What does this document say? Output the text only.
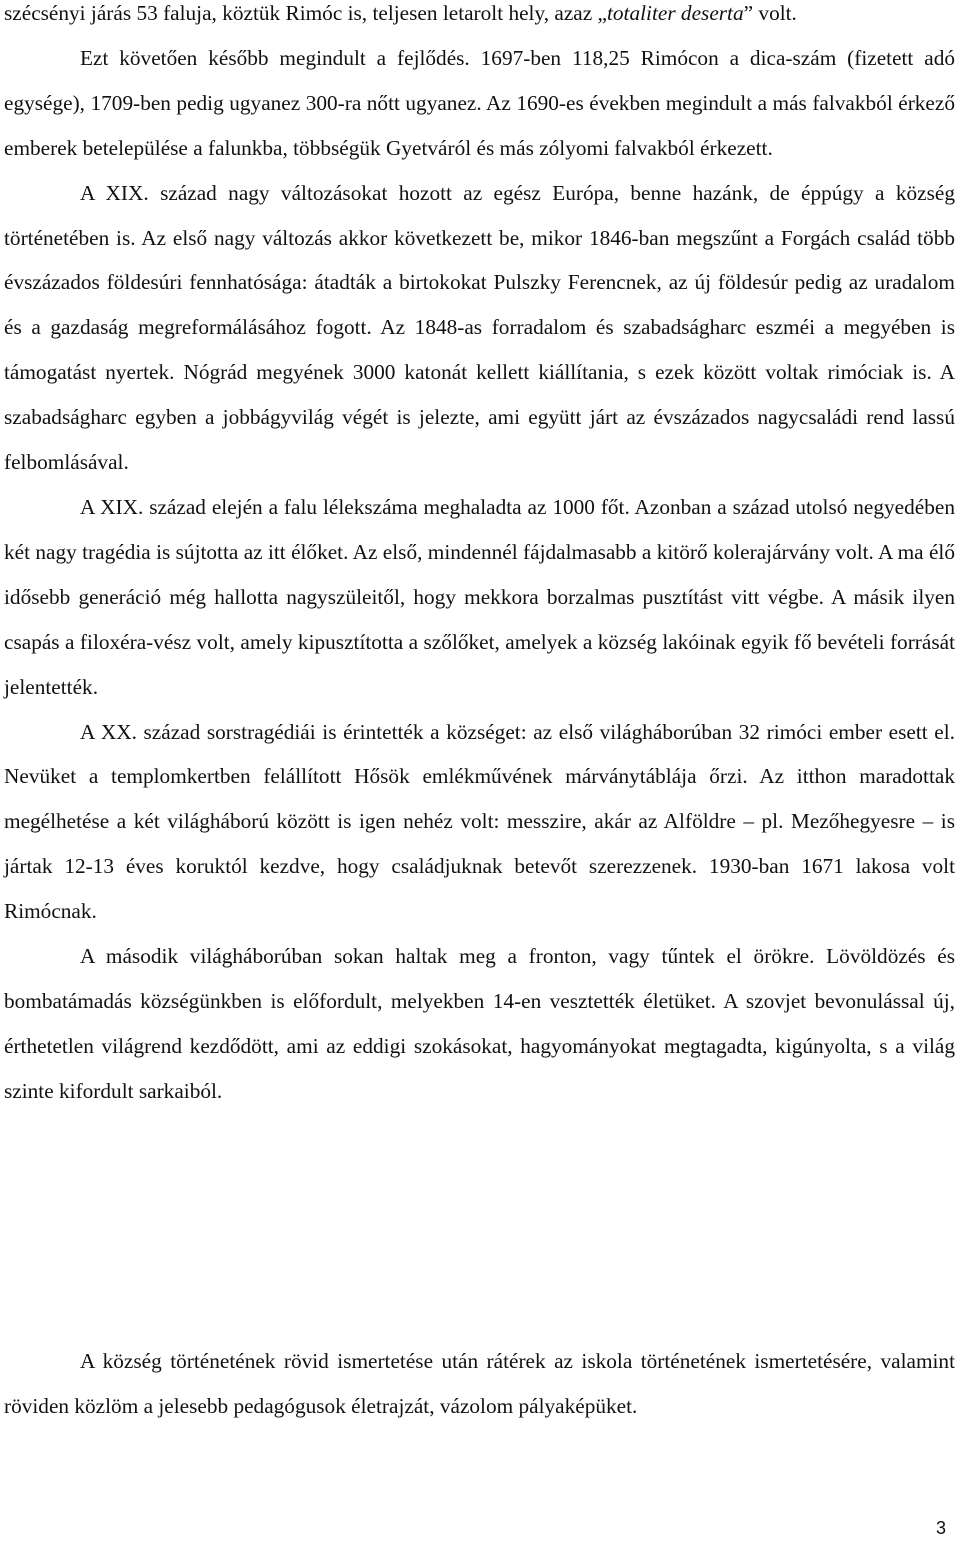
szécsényi járás 53 faluja, köztük Rimóc is, teljesen letarolt hely, azaz „totaliter deserta” volt.

Ezt követően később megindult a fejlődés. 1697-ben 118,25 Rimócon a dica-szám (fizetett adó egysége), 1709-ben pedig ugyanez 300-ra nőtt ugyanez. Az 1690-es években megindult a más falvakból érkező emberek betelepülése a falunkba, többségük Gyetváról és más zólyomi falvakból érkezett.

A XIX. század nagy változásokat hozott az egész Európa, benne hazánk, de éppúgy a község történetében is. Az első nagy változás akkor következett be, mikor 1846-ban megszűnt a Forgách család több évszázados földesúri fennhatósága: átadták a birtokokat Pulszky Ferencnek, az új földesúr pedig az uradalom és a gazdaság megreformálásához fogott. Az 1848-as forradalom és szabadságharc eszméi a megyében is támogatást nyertek. Nógrád megyének 3000 katonát kellett kiállítania, s ezek között voltak rimóciak is. A szabadságharc egyben a jobbágyvilág végét is jelezte, ami együtt járt az évszázados nagycsaládi rend lassú felbomlásával.

A XIX. század elején a falu lélekszáma meghaladta az 1000 főt. Azonban a század utolsó negyedében két nagy tragédia is sújtotta az itt élőket. Az első, mindennél fájdalmasabb a kitörő kolerajárvány volt. A ma élő idősebb generáció még hallotta nagyszüleitől, hogy mekkora borzalmas pusztítást vitt végbe. A másik ilyen csapás a filoxéra-vész volt, amely kipusztította a szőlőket, amelyek a község lakóinak egyik fő bevételi forrását jelentették.

A XX. század sorstragédiái is érintették a községet: az első világháborúban 32 rimóci ember esett el. Nevüket a templomkertben felállított Hősök emlékművének márványtáblája őrzi. Az itthon maradottak megélhetése a két világháború között is igen nehéz volt: messzire, akár az Alföldre – pl. Mezőhegyesre – is jártak 12-13 éves koruktól kezdve, hogy családjuknak betevőt szerezzenek. 1930-ban 1671 lakosa volt Rimócnak.

A második világháborúban sokan haltak meg a fronton, vagy tűntek el örökre. Lövöldözés és bombatámadás községünkben is előfordult, melyekben 14-en vesztették életüket. A szovjet bevonulással új, érthetetlen világrend kezdődött, ami az eddigi szokásokat, hagyományokat megtagadta, kigúnyolta, s a világ szinte kifordult sarkaiból.

A község történetének rövid ismertetése után rátérek az iskola történetének ismertetésére, valamint röviden közlöm a jelesebb pedagógusok életrajzát, vázolom pályaképüket.

3
